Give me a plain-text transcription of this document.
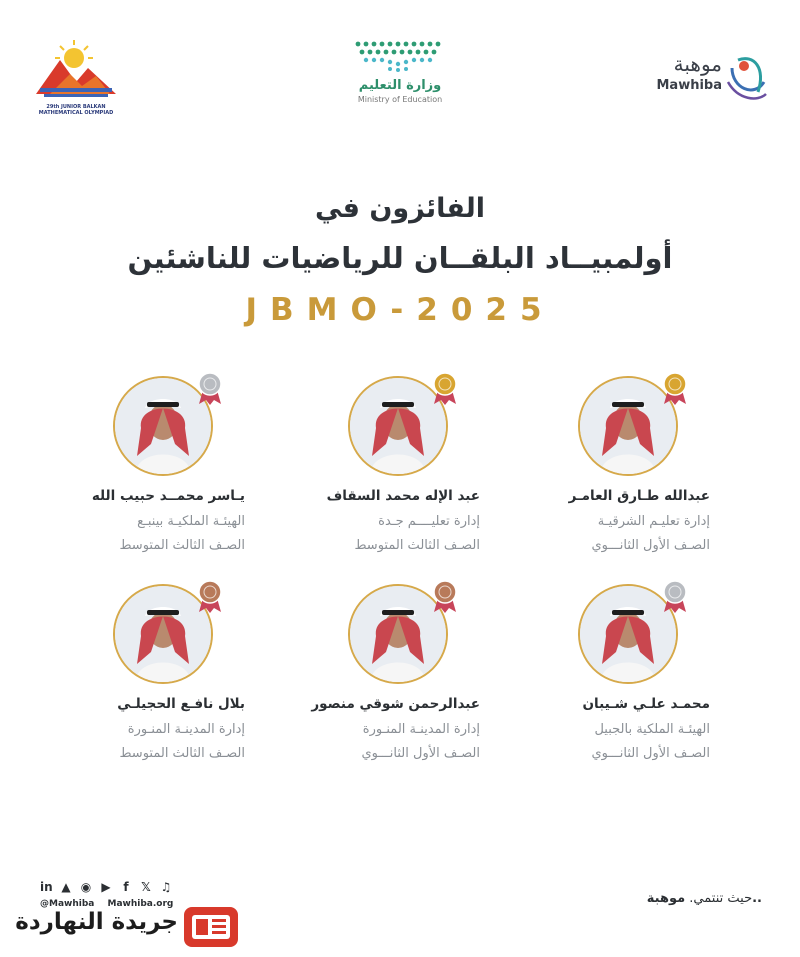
29th JUNIOR BALKAN MATHEMATICAL OLYMPIAD
وزارة التعليم
Ministry of Education
موهبة
Mawhiba
الفائزون في
أولمبيــاد البلقــان للرياضيات للناشئين
JBMO-2025
عبدالله طـارق العامـر
إدارة تعليـم الشرقيـة
الصـف الأول الثانـــوي
عبد الإله محمد السقاف
إدارة تعليــــم جـدة
الصـف الثالث المتوسط
يـاسر محمــد حبيب الله
الهيئـة الملكيـة بينبـع
الصـف الثالث المتوسط
محمـد علـي شـيبان
الهيئـة الملكية بالجبيل
الصـف الأول الثانـــوي
عبدالرحمن شوقي منصور
إدارة المدينـة المنـورة
الصـف الأول الثانـــوي
بلال نافـع الحجيلـي
إدارة المدينـة المنـورة
الصـف الثالث المتوسط
in ▲ ◉ ▶ f 𝕏 ♫
@Mawhiba Mawhiba.org	حيث تنتمي. موهبة..
جريدة النهاردة
